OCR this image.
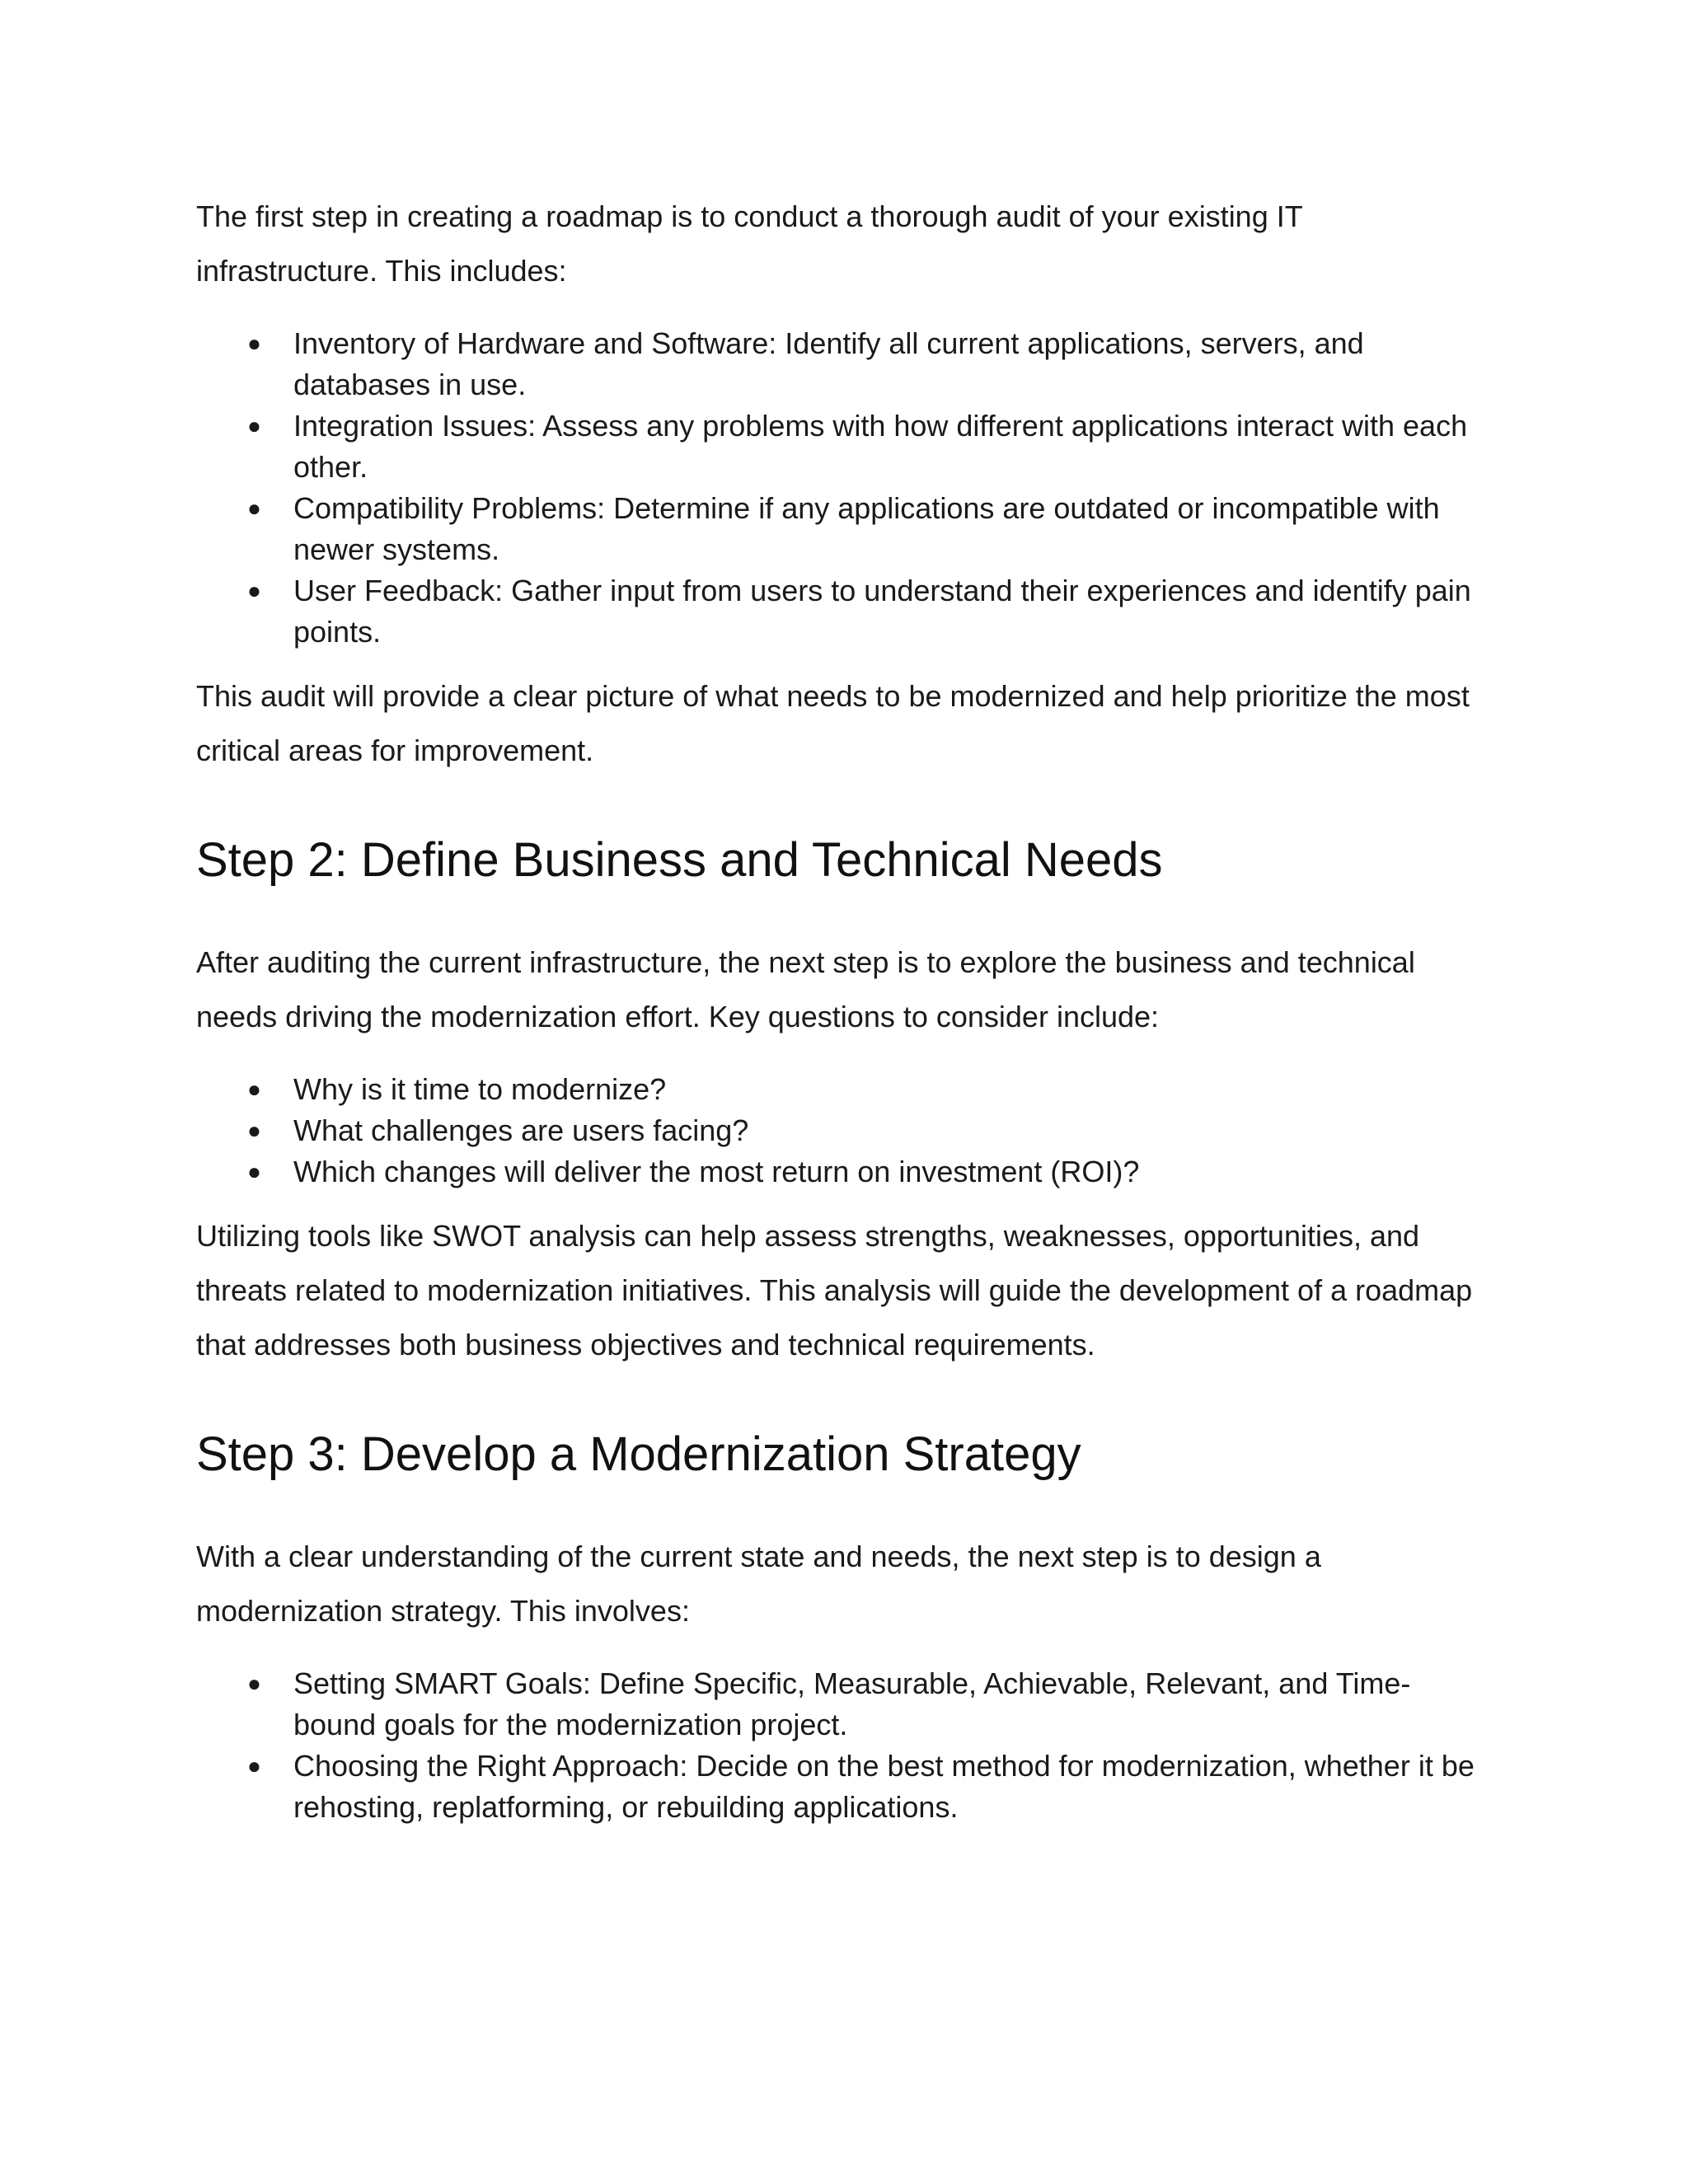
The first step in creating a roadmap is to conduct a thorough audit of your existing IT infrastructure. This includes:

● Inventory of Hardware and Software: Identify all current applications, servers, and databases in use.
● Integration Issues: Assess any problems with how different applications interact with each other.
● Compatibility Problems: Determine if any applications are outdated or incompatible with newer systems.
● User Feedback: Gather input from users to understand their experiences and identify pain points.

This audit will provide a clear picture of what needs to be modernized and help prioritize the most critical areas for improvement.

Step 2: Define Business and Technical Needs

After auditing the current infrastructure, the next step is to explore the business and technical needs driving the modernization effort. Key questions to consider include:

● Why is it time to modernize?
● What challenges are users facing?
● Which changes will deliver the most return on investment (ROI)?

Utilizing tools like SWOT analysis can help assess strengths, weaknesses, opportunities, and threats related to modernization initiatives. This analysis will guide the development of a roadmap that addresses both business objectives and technical requirements.

Step 3: Develop a Modernization Strategy

With a clear understanding of the current state and needs, the next step is to design a modernization strategy. This involves:

● Setting SMART Goals: Define Specific, Measurable, Achievable, Relevant, and Time-bound goals for the modernization project.
● Choosing the Right Approach: Decide on the best method for modernization, whether it be rehosting, replatforming, or rebuilding applications.
